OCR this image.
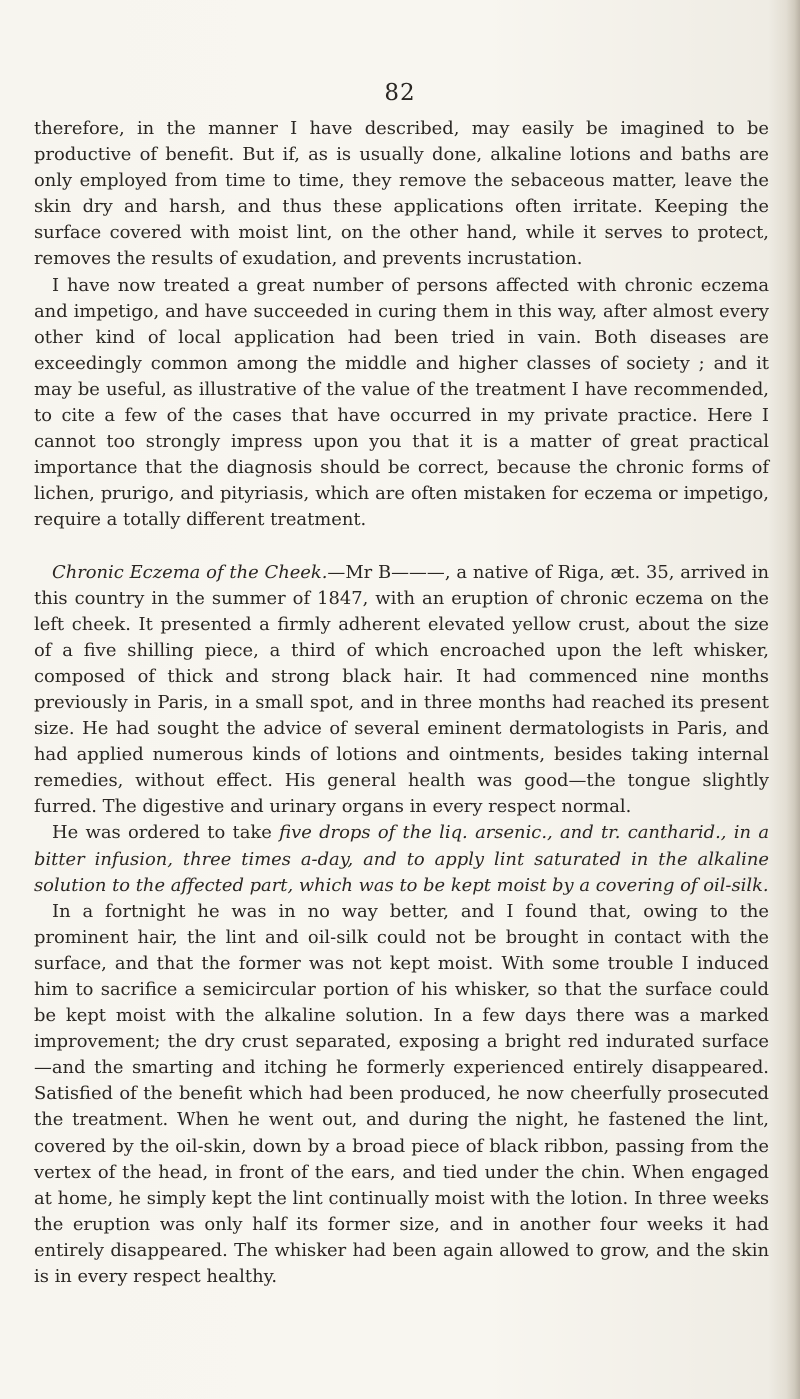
82

therefore, in the manner I have described, may easily be imagined to be productive of benefit. But if, as is usually done, alkaline lotions and baths are only employed from time to time, they remove the sebaceous matter, leave the skin dry and harsh, and thus these applications often irritate. Keeping the surface covered with moist lint, on the other hand, while it serves to protect, removes the results of exudation, and prevents incrustation.

I have now treated a great number of persons affected with chronic eczema and impetigo, and have succeeded in curing them in this way, after almost every other kind of local application had been tried in vain. Both diseases are exceedingly common among the middle and higher classes of society ; and it may be useful, as illustrative of the value of the treatment I have recommended, to cite a few of the cases that have occurred in my private practice. Here I cannot too strongly impress upon you that it is a matter of great practical importance that the diagnosis should be correct, because the chronic forms of lichen, prurigo, and pityriasis, which are often mistaken for eczema or impetigo, require a totally different treatment.

Chronic Eczema of the Cheek.—Mr B———, a native of Riga, æt. 35, arrived in this country in the summer of 1847, with an eruption of chronic eczema on the left cheek. It presented a firmly adherent elevated yellow crust, about the size of a five shilling piece, a third of which encroached upon the left whisker, composed of thick and strong black hair. It had commenced nine months previously in Paris, in a small spot, and in three months had reached its present size. He had sought the advice of several eminent dermatologists in Paris, and had applied numerous kinds of lotions and ointments, besides taking internal remedies, without effect. His general health was good—the tongue slightly furred. The digestive and urinary organs in every respect normal.

He was ordered to take five drops of the liq. arsenic., and tr. cantharid., in a bitter infusion, three times a-day, and to apply lint saturated in the alkaline solution to the affected part, which was to be kept moist by a covering of oil-silk.

In a fortnight he was in no way better, and I found that, owing to the prominent hair, the lint and oil-silk could not be brought in contact with the surface, and that the former was not kept moist. With some trouble I induced him to sacrifice a semicircular portion of his whisker, so that the surface could be kept moist with the alkaline solution. In a few days there was a marked improvement; the dry crust separated, exposing a bright red indurated surface —and the smarting and itching he formerly experienced entirely disappeared. Satisfied of the benefit which had been produced, he now cheerfully prosecuted the treatment. When he went out, and during the night, he fastened the lint, covered by the oil-skin, down by a broad piece of black ribbon, passing from the vertex of the head, in front of the ears, and tied under the chin. When engaged at home, he simply kept the lint continually moist with the lotion. In three weeks the eruption was only half its former size, and in another four weeks it had entirely disappeared. The whisker had been again allowed to grow, and the skin is in every respect healthy.
